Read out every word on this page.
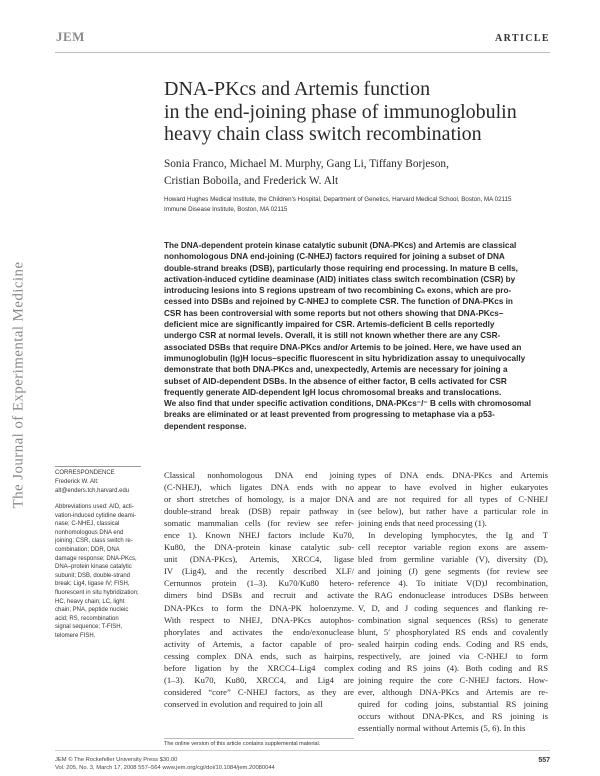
JEM	ARTICLE
The Journal of Experimental Medicine
DNA-PKcs and Artemis function
in the end-joining phase of immunoglobulin
heavy chain class switch recombination
Sonia Franco, Michael M. Murphy, Gang Li, Tiffany Borjeson,
Cristian Boboila, and Frederick W. Alt
Howard Hughes Medical Institute, the Children's Hospital, Department of Genetics, Harvard Medical School, Boston, MA 02115
Immune Disease Institute, Boston, MA 02115
The DNA-dependent protein kinase catalytic subunit (DNA-PKcs) and Artemis are classical
nonhomologous DNA end-joining (C-NHEJ) factors required for joining a subset of DNA
double-strand breaks (DSB), particularly those requiring end processing. In mature B cells,
activation-induced cytidine deaminase (AID) initiates class switch recombination (CSR) by
introducing lesions into S regions upstream of two recombining Cₕ exons, which are pro-
cessed into DSBs and rejoined by C-NHEJ to complete CSR. The function of DNA-PKcs in
CSR has been controversial with some reports but not others showing that DNA-PKcs–
deficient mice are significantly impaired for CSR. Artemis-deficient B cells reportedly
undergo CSR at normal levels. Overall, it is still not known whether there are any CSR-
associated DSBs that require DNA-PKcs and/or Artemis to be joined. Here, we have used an
immunoglobulin (Ig)H locus–specific fluorescent in situ hybridization assay to unequivocally
demonstrate that both DNA-PKcs and, unexpectedly, Artemis are necessary for joining a
subset of AID-dependent DSBs. In the absence of either factor, B cells activated for CSR
frequently generate AID-dependent IgH locus chromosomal breaks and translocations.
We also find that under specific activation conditions, DNA-PKcs⁻/⁻ B cells with chromosomal
breaks are eliminated or at least prevented from progressing to metaphase via a p53-
dependent response.
CORRESPONDENCE
Frederick W. Alt:
alt@enders.tch.harvard.edu
Abbreviations used: AID, acti-
vation-induced cytidine deami-
nase; C-NHEJ, classical
nonhomologous DNA end
joining; CSR, class switch re-
combination; DDR, DNA
damage response; DNA-PKcs,
DNA–protein kinase catalytic
subunit; DSB, double-strand
break; Lig4, ligase IV; FISH,
fluorescent in situ hybridization;
HC, heavy chain; LC, light
chain; PNA, peptide nucleic
acid; RS, recombination
signal sequence; T-FISH,
telomere FISH.
Classical nonhomologous DNA end joining
(C-NHEJ), which ligates DNA ends with no
or short stretches of homology, is a major DNA
double-strand break (DSB) repair pathway in
somatic mammalian cells (for review see refer-
ence 1). Known NHEJ factors include Ku70,
Ku80, the DNA-protein kinase catalytic sub-
unit (DNA-PKcs), Artemis, XRCC4, ligase
IV (Lig4), and the recently described XLF/
Cernunnos protein (1–3). Ku70/Ku80 hetero-
dimers bind DSBs and recruit and activate
DNA-PKcs to form the DNA-PK holoenzyme.
With respect to NHEJ, DNA-PKcs autophos-
phorylates and activates the endo/exonuclease
activity of Artemis, a factor capable of pro-
cessing complex DNA ends, such as hairpins,
before ligation by the XRCC4–Lig4 complex
(1–3). Ku70, Ku80, XRCC4, and Lig4 are
considered “core” C-NHEJ factors, as they are
conserved in evolution and required to join all
types of DNA ends. DNA-PKcs and Artemis
appear to have evolved in higher eukaryotes
and are not required for all types of C-NHEJ
(see below), but rather have a particular role in
joining ends that need processing (1).
In developing lymphocytes, the Ig and T
cell receptor variable region exons are assem-
bled from germline variable (V), diversity (D),
and joining (J) gene segments (for review see
reference 4). To initiate V(D)J recombination,
the RAG endonuclease introduces DSBs between
V, D, and J coding sequences and flanking re-
combination signal sequences (RSs) to generate
blunt, 5′ phosphorylated RS ends and covalently
sealed hairpin coding ends. Coding and RS ends,
respectively, are joined via C-NHEJ to form
coding and RS joins (4). Both coding and RS
joining require the core C-NHEJ factors. How-
ever, although DNA-PKcs and Artemis are re-
quired for coding joins, substantial RS joining
occurs without DNA-PKcs, and RS joining is
essentially normal without Artemis (5, 6). In this
The online version of this article contains supplemental material.
JEM © The Rockefeller University Press $30.00
Vol. 205, No. 3, March 17, 2008 557–564 www.jem.org/cgi/doi/10.1084/jem.20080044
557
